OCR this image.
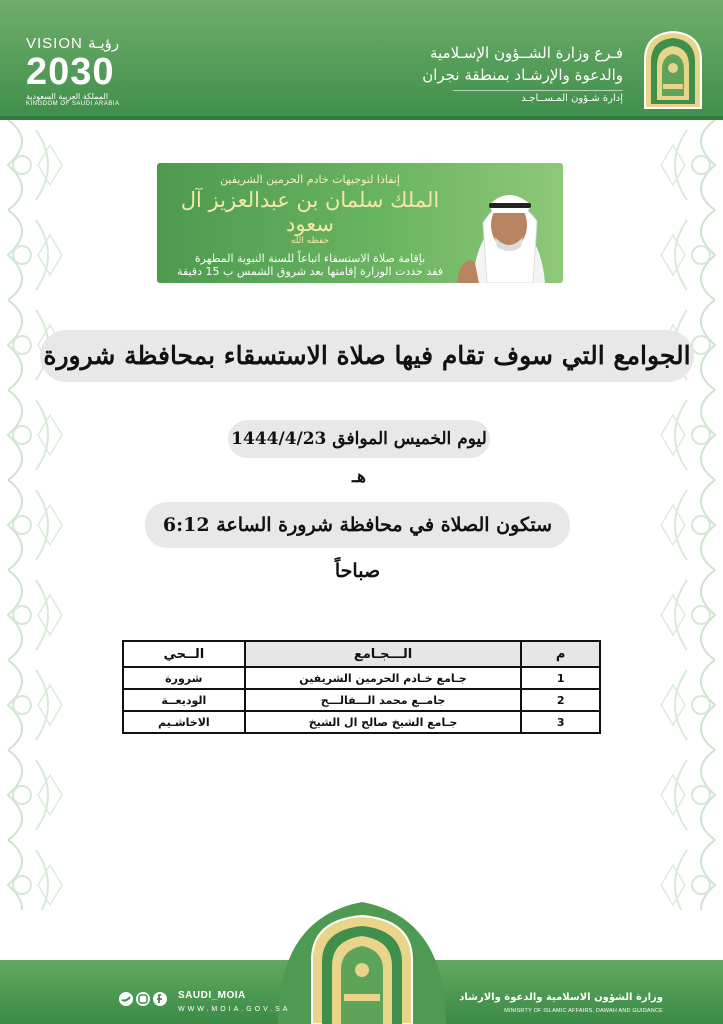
VISION رؤيـة
2030
المملكة العربية السعودية
KINGDOM OF SAUDI ARABIA
فـرع وزارة الشــؤون الإسـلامية
والدعوة والإرشـاد بمنطقة نجران
إدارة شـؤون المـســاجـد
إنفاذا لتوجيهات خادم الحرمين الشريفين
الملك سلمان بن عبدالعزيز آل سعود
حفظه الله
بإقامة صلاة الاستسقاء اتباعاً للسنة النبوية المطهرة
فقد حددت الوزارة إقامتها بعد شروق الشمس ب 15 دقيقة
الجوامع التي سوف تقام فيها صلاة الاستسقاء بمحافظة شرورة
ليوم الخميس الموافق 1444/4/23 هـ
ستكون الصلاة في محافظة شرورة الساعة 6:12 صباحاً
م	الـــجـامع	الــحي
1	جـامع خـادم الحرمين الشريفين	شرورة
2	جامــع محمد الـــفالـــح	الوديعــة
3	جـامع الشيخ صالح ال الشيخ	الاخاشـيم
SAUDI_MOIA
WWW.MOIA.GOV.SA
وزارة الشؤون الاسلامية والدعوة والارشاد
MINISRTY OF ISLAMIC AFFAIRS, DAWAH AND GUIDANCE
